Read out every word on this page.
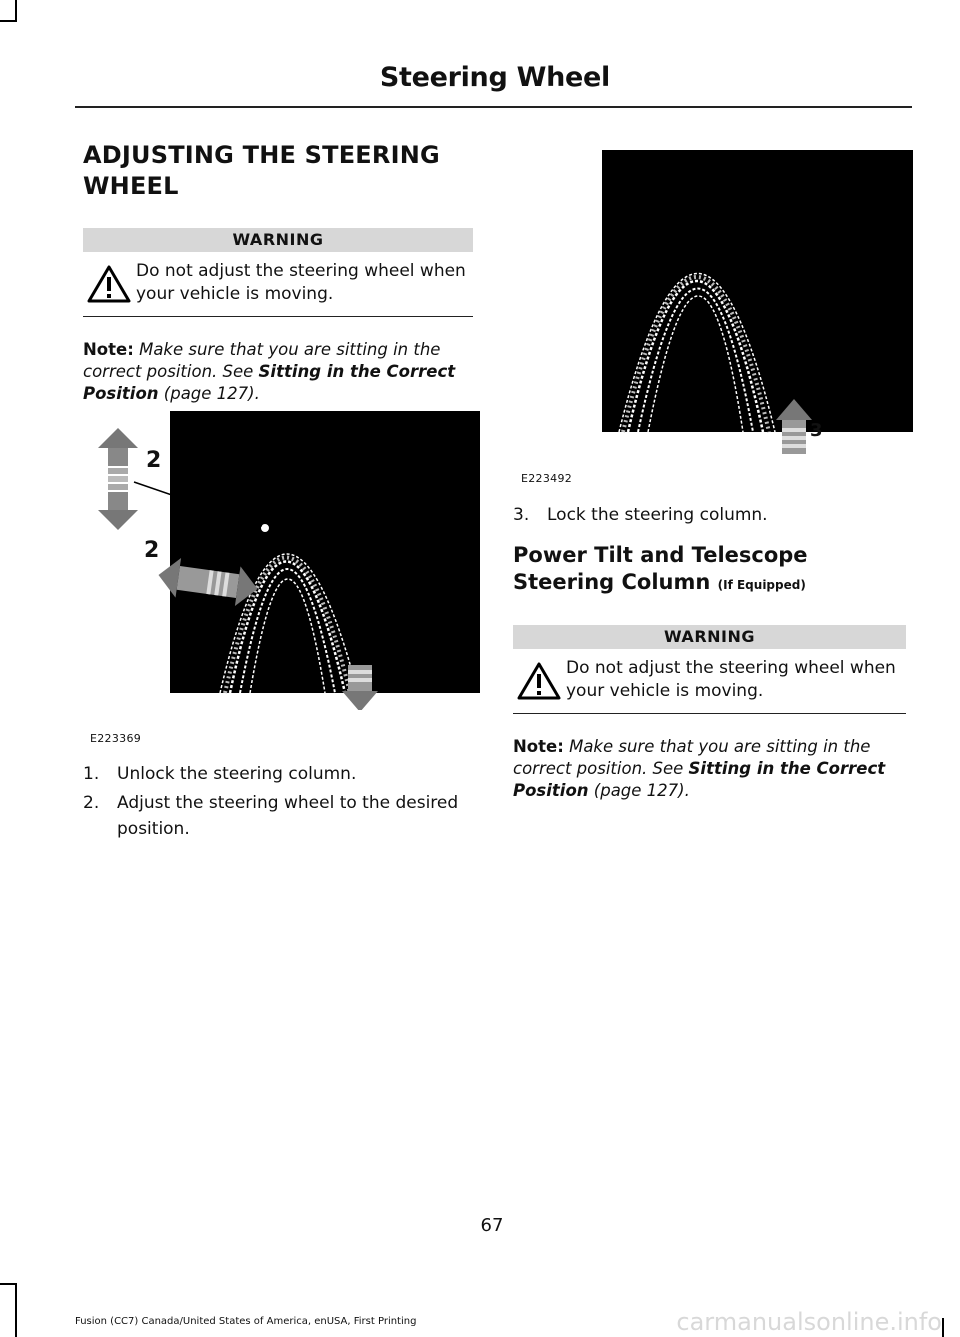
Steering Wheel
ADJUSTING THE STEERING
WHEEL
WARNING
Do not adjust the steering wheel when your vehicle is moving.
Note: Make sure that you are sitting in the correct position. See Sitting in the Correct Position (page 127).
2
2
1
E223369
1. Unlock the steering column.
2. Adjust the steering wheel to the desired position.
3
E223492
3. Lock the steering column.
Power Tilt and Telescope Steering Column (If Equipped)
WARNING
Do not adjust the steering wheel when your vehicle is moving.
Note: Make sure that you are sitting in the correct position. See Sitting in the Correct Position (page 127).
67
Fusion (CC7) Canada/United States of America, enUSA, First Printing	carmanualsonline.info
